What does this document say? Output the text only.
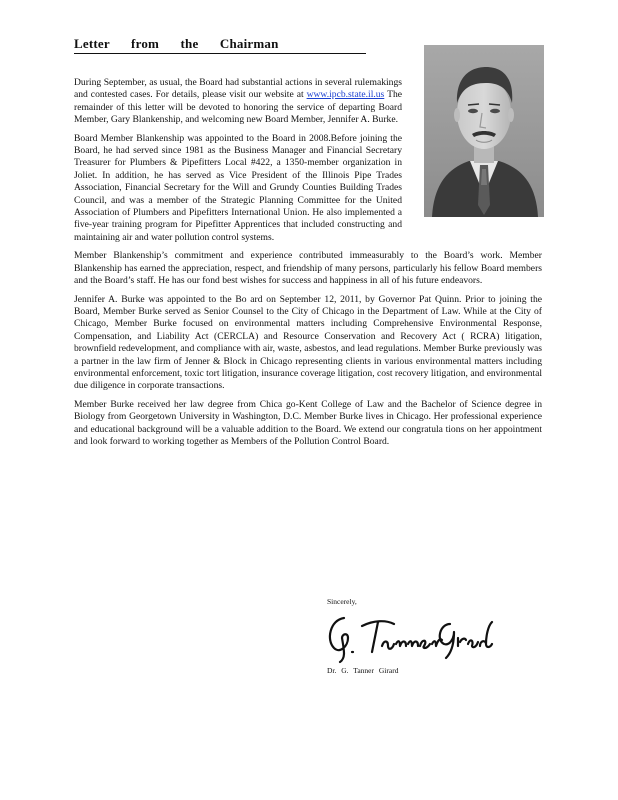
Letter from the Chairman

During September, as usual, the Board had substantial actions in several rulemakings and contested cases. For details, please visit our website at www.ipcb.state.il.us The remainder of this letter will be devoted to honoring the service of departing Board Member, Gary Blankenship, and welcoming new Board Member, Jennifer A. Burke.

Board Member Blankenship was appointed to the Board in 2008.Before joining the Board, he had served since 1981 as the Business Manager and Financial Secretary Treasurer for Plumbers & Pipefitters Local #422, a 1350-member organization in Joliet. In addition, he has served as Vice President of the Illinois Pipe Trades Association, Financial Secretary for the Will and Grundy Counties Building Trades Council, and was a member of the Strategic Planning Committee for the United Association of Plumbers and Pipefitters International Union. He also implemented a five-year training program for Pipefitter Apprentices that included constructing and maintaining air and water pollution control systems.

Member Blankenship’s commitment and experience contributed immeasurably to the Board’s work. Member Blankenship has earned the appreciation, respect, and friendship of many persons, particularly his fellow Board members and the Board’s staff. He has our fond best wishes for success and happiness in all of his future endeavors.

Jennifer A. Burke was appointed to the Bo ard on September 12, 2011, by Governor Pat Quinn. Prior to joining the Board, Member Burke served as Senior Counsel to the City of Chicago in the Department of Law. While at the City of Chicago, Member Burke focused on environmental matters including Comprehensive Environmental Response, Compensation, and Liability Act (CERCLA) and Resource Conservation and Recovery Act ( RCRA) litigation, brownfield redevelopment, and compliance with air, waste, asbestos, and lead regulations. Member Burke previously was a partner in the law firm of Jenner & Block in Chicago representing clients in various environmental matters including environmental enforcement, toxic tort litigation, insurance coverage litigation, cost recovery litigation, and environmental due diligence in corporate transactions.

Member Burke received her law degree from Chica go-Kent College of Law and the Bachelor of Science degree in Biology from Georgetown University in Washington, D.C. Member Burke lives in Chicago. Her professional experience and educational background will be a valuable addition to the Board. We extend our congratula tions on her appointment and look forward to working together as Members of the Pollution Control Board.

Sincerely,
Dr. G. Tanner Girard
